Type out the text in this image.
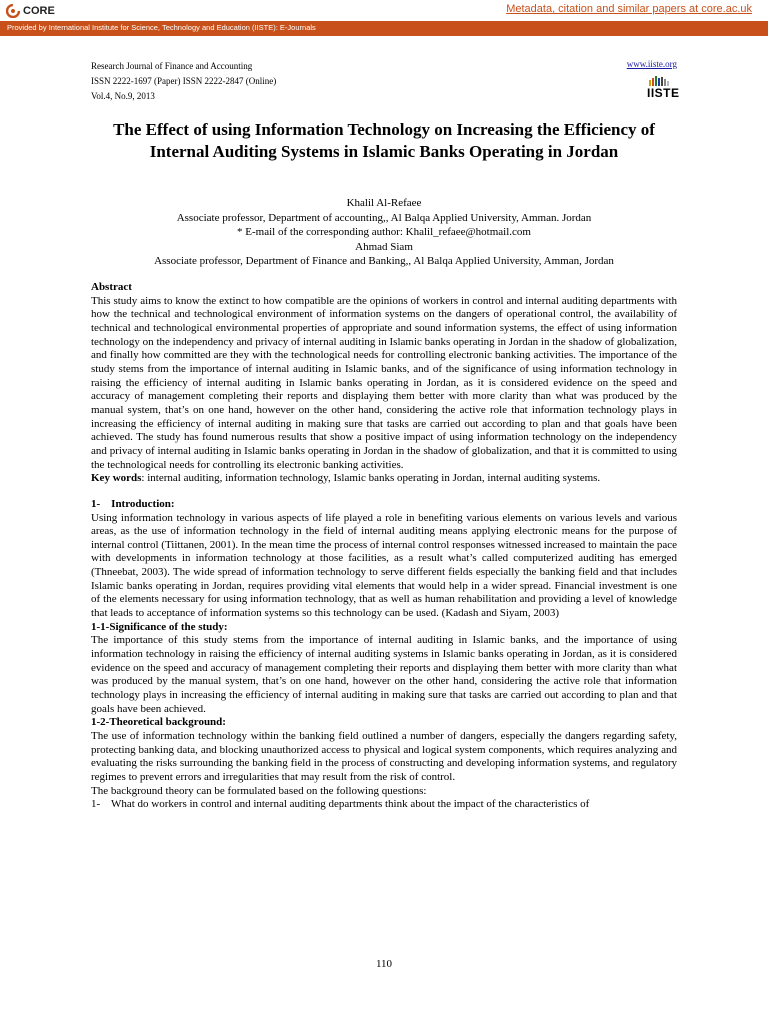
CORE	Metadata, citation and similar papers at core.ac.uk
Provided by International Institute for Science, Technology and Education (IISTE): E-Journals
Research Journal of Finance and Accounting
ISSN 2222-1697 (Paper) ISSN 2222-2847 (Online)
Vol.4, No.9, 2013
www.iiste.org
IISTE
The Effect of using Information Technology on Increasing the Efficiency of Internal Auditing Systems in Islamic Banks Operating in Jordan
Khalil Al-Refaee
Associate professor, Department of accounting,, Al Balqa Applied University, Amman. Jordan
* E-mail of the corresponding author: Khalil_refaee@hotmail.com
Ahmad Siam
Associate professor, Department of Finance and Banking,, Al Balqa Applied University, Amman, Jordan

Abstract

This study aims to know the extinct to how compatible are the opinions of workers in control and internal auditing departments with how the technical and technological environment of information systems on the dangers of operational control, the availability of technical and technological environmental properties of appropriate and sound information systems, the effect of using information technology on the independency and privacy of internal auditing in Islamic banks operating in Jordan in the shadow of globalization, and finally how committed are they with the technological needs for controlling electronic banking activities. The importance of the study stems from the importance of internal auditing in Islamic banks, and of the significance of using information technology in raising the efficiency of internal auditing in Islamic banks operating in Jordan, as it is considered evidence on the speed and accuracy of management completing their reports and displaying them better with more clarity than what was produced by the manual system, that’s on one hand, however on the other hand, considering the active role that information technology plays in increasing the efficiency of internal auditing in making sure that tasks are carried out according to plan and that goals have been achieved. The study has found numerous results that show a positive impact of using information technology on the independency and privacy of internal auditing in Islamic banks operating in Jordan in the shadow of globalization, and that it is committed to using the technological needs for controlling its electronic banking activities.

Key words: internal auditing, information technology, Islamic banks operating in Jordan, internal auditing systems.

1-    Introduction:

Using information technology in various aspects of life played a role in benefiting various elements on various levels and various areas, as the use of information technology in the field of internal auditing means applying electronic means for the purpose of internal control (Tiittanen, 2001). In the mean time the process of internal control responses witnessed increased to maintain the pace with developments in information technology at those facilities, as a result what’s called computerized auditing has emerged (Thneebat, 2003). The wide spread of information technology to serve different fields especially the banking field and that includes Islamic banks operating in Jordan, requires providing vital elements that would help in a wider spread. Financial investment is one of the elements necessary for using information technology, that as well as human rehabilitation and providing a level of knowledge that leads to acceptance of information systems so this technology can be used. (Kadash and Siyam, 2003)

1-1-Significance of the study:

The importance of this study stems from the importance of internal auditing in Islamic banks, and the importance of using information technology in raising the efficiency of internal auditing systems in Islamic banks operating in Jordan, as it is considered evidence on the speed and accuracy of management completing their reports and displaying them better with more clarity than what was produced by the manual system, that’s on one hand, however on the other hand, considering the active role that information technology plays in increasing the efficiency of internal auditing in making sure that tasks are carried out according to plan and that goals have been achieved.

1-2-Theoretical background:

The use of information technology within the banking field outlined a number of dangers, especially the dangers regarding safety, protecting banking data, and blocking unauthorized access to physical and logical system components, which requires analyzing and evaluating the risks surrounding the banking field in the process of constructing and developing information systems, and regulatory regimes to prevent errors and irregularities that may result from the risk of control.

The background theory can be formulated based on the following questions:

1-    What do workers in control and internal auditing departments think about the impact of the characteristics of

110
